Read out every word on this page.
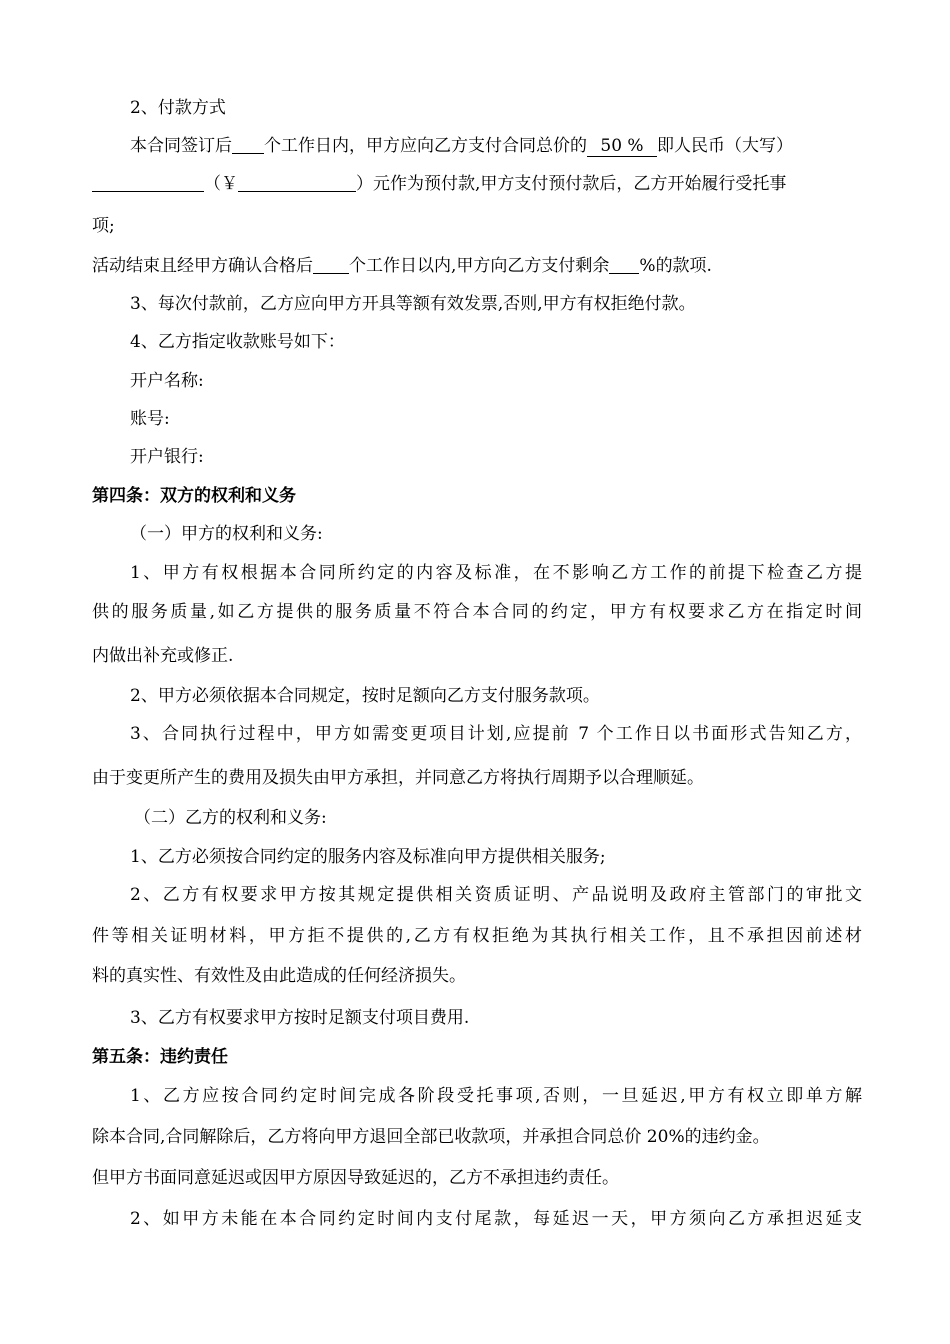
2、付款方式
本合同签订后 个工作日内，甲方应向乙方支付合同总价的 50 % 即人民币（大写）
（￥	）元作为预付款,甲方支付预付款后，乙方开始履行受托事
项;
活动结束且经甲方确认合格后 个工作日以内,甲方向乙方支付剩余 %的款项.
3、每次付款前，乙方应向甲方开具等额有效发票,否则,甲方有权拒绝付款。
4、乙方指定收款账号如下：
开户名称:
账号:
开户银行:
第四条：双方的权利和义务
（一）甲方的权利和义务:
1、甲方有权根据本合同所约定的内容及标准，在不影响乙方工作的前提下检查乙方提
供的服务质量,如乙方提供的服务质量不符合本合同的约定，甲方有权要求乙方在指定时间
内做出补充或修正.
2、甲方必须依据本合同规定，按时足额向乙方支付服务款项。
3、合同执行过程中，甲方如需变更项目计划,应提前 7 个工作日以书面形式告知乙方，
由于变更所产生的费用及损失由甲方承担，并同意乙方将执行周期予以合理顺延。
（二）乙方的权利和义务:
1、乙方必须按合同约定的服务内容及标准向甲方提供相关服务;
2、乙方有权要求甲方按其规定提供相关资质证明、产品说明及政府主管部门的审批文
件等相关证明材料，甲方拒不提供的,乙方有权拒绝为其执行相关工作，且不承担因前述材
料的真实性、有效性及由此造成的任何经济损失。
3、乙方有权要求甲方按时足额支付项目费用.
第五条：违约责任
1、乙方应按合同约定时间完成各阶段受托事项,否则，一旦延迟,甲方有权立即单方解
除本合同,合同解除后，乙方将向甲方退回全部已收款项，并承担合同总价 20%的违约金。
但甲方书面同意延迟或因甲方原因导致延迟的，乙方不承担违约责任。
2、如甲方未能在本合同约定时间内支付尾款，每延迟一天，甲方须向乙方承担迟延支
